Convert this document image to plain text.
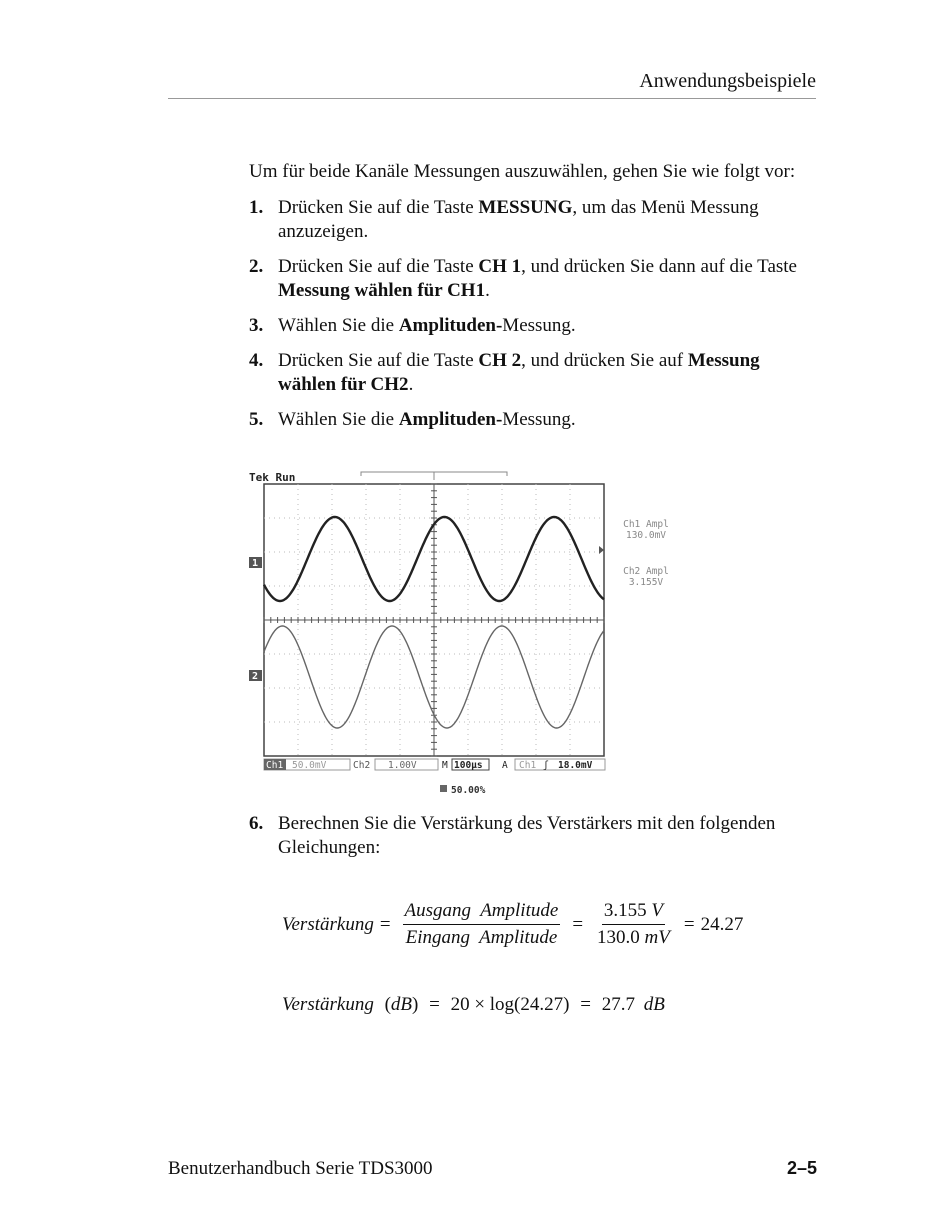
Anwendungsbeispiele

Um für beide Kanäle Messungen auszuwählen, gehen Sie wie folgt vor:

1. Drücken Sie auf die Taste MESSUNG, um das Menü Messung anzuzeigen.
2. Drücken Sie auf die Taste CH 1, und drücken Sie dann auf die Taste Messung wählen für CH1.
3. Wählen Sie die Amplituden-Messung.
4. Drücken Sie auf die Taste CH 2, und drücken Sie auf Messung wählen für CH2.
5. Wählen Sie die Amplituden-Messung.
Tek Run
1
2
Ch1 Ampl
130.0mV
Ch2 Ampl
3.155V
Ch1 50.0mV	Ch2 1.00V	M 100µs A Ch1 ʃ 18.0mV
50.00%
6. Berechnen Sie die Verstärkung des Verstärkers mit den folgenden Gleichungen:
Verstärkung = $\frac{\text{Ausgang  Amplitude}}{\text{Eingang  Amplitude}} = \frac{3.155 V}{130.0 mV} = 24.27$
Verstärkung (dB) = 20 × log(24.27) = 27.7 dB
Benutzerhandbuch Serie TDS3000	2–5
